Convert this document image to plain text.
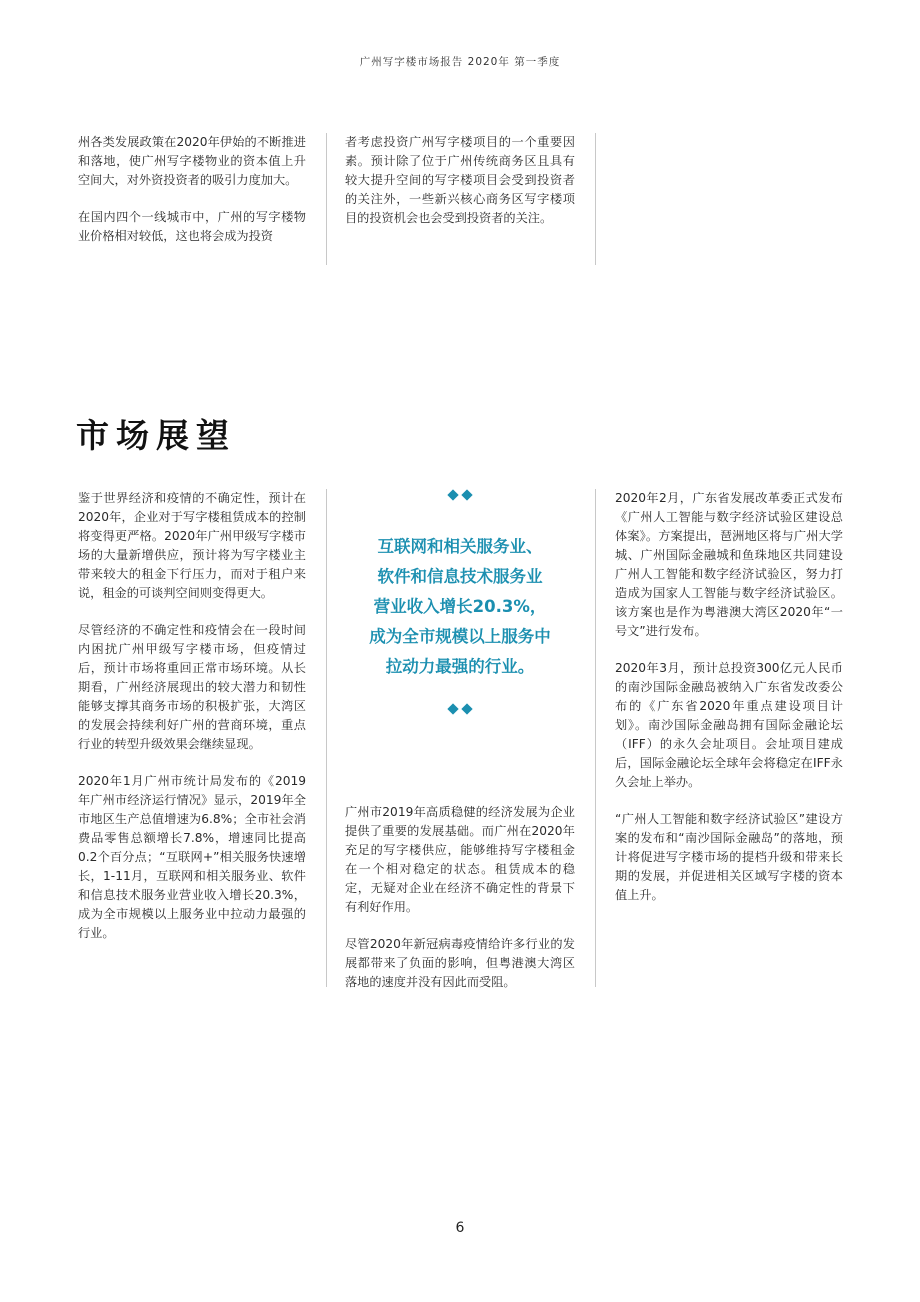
广州写字楼市场报告 2020年 第一季度

州各类发展政策在2020年伊始的不断推进和落地，使广州写字楼物业的资本值上升空间大，对外资投资者的吸引力度加大。

在国内四个一线城市中，广州的写字楼物业价格相对较低，这也将会成为投资

者考虑投资广州写字楼项目的一个重要因素。预计除了位于广州传统商务区且具有较大提升空间的写字楼项目会受到投资者的关注外，一些新兴核心商务区写字楼项目的投资机会也会受到投资者的关注。

市场展望

鉴于世界经济和疫情的不确定性，预计在2020年，企业对于写字楼租赁成本的控制将变得更严格。2020年广州甲级写字楼市场的大量新增供应，预计将为写字楼业主带来较大的租金下行压力，而对于租户来说，租金的可谈判空间则变得更大。

尽管经济的不确定性和疫情会在一段时间内困扰广州甲级写字楼市场，但疫情过后，预计市场将重回正常市场环境。从长期看，广州经济展现出的较大潜力和韧性能够支撑其商务市场的积极扩张，大湾区的发展会持续利好广州的营商环境，重点行业的转型升级效果会继续显现。

2020年1月广州市统计局发布的《2019年广州市经济运行情况》显示，2019年全市地区生产总值增速为6.8%；全市社会消费品零售总额增长7.8%，增速同比提高0.2个百分点；“互联网+”相关服务快速增长，1-11月，互联网和相关服务业、软件和信息技术服务业营业收入增长20.3%，成为全市规模以上服务业中拉动力最强的行业。

互联网和相关服务业、
软件和信息技术服务业
营业收入增长20.3%，
成为全市规模以上服务中
拉动力最强的行业。

广州市2019年高质稳健的经济发展为企业提供了重要的发展基础。而广州在2020年充足的写字楼供应，能够维持写字楼租金在一个相对稳定的状态。租赁成本的稳定，无疑对企业在经济不确定性的背景下有利好作用。

尽管2020年新冠病毒疫情给许多行业的发展都带来了负面的影响，但粤港澳大湾区落地的速度并没有因此而受阻。

2020年2月，广东省发展改革委正式发布《广州人工智能与数字经济试验区建设总体案》。方案提出，琶洲地区将与广州大学城、广州国际金融城和鱼珠地区共同建设广州人工智能和数字经济试验区，努力打造成为国家人工智能与数字经济试验区。该方案也是作为粤港澳大湾区2020年“一号文”进行发布。

2020年3月，预计总投资300亿元人民币的南沙国际金融岛被纳入广东省发改委公布的《广东省2020年重点建设项目计划》。南沙国际金融岛拥有国际金融论坛（IFF）的永久会址项目。会址项目建成后，国际金融论坛全球年会将稳定在IFF永久会址上举办。

“广州人工智能和数字经济试验区”建设方案的发布和“南沙国际金融岛”的落地，预计将促进写字楼市场的提档升级和带来长期的发展，并促进相关区域写字楼的资本值上升。

6
